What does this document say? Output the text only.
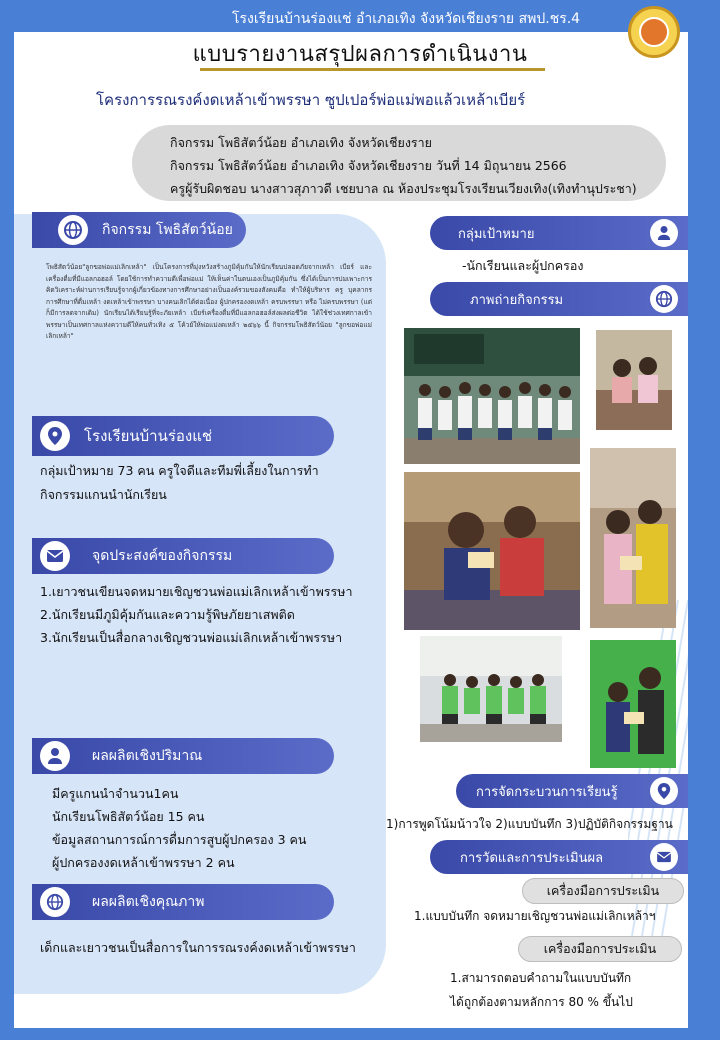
โรงเรียนบ้านร่องแช่ อำเภอเทิง จังหวัดเชียงราย สพป.ชร.4
แบบรายงานสรุปผลการดำเนินงาน
โครงการรณรงค์งดเหล้าเข้าพรรษา ซูปเปอร์พ่อแม่พอแล้วเหล้าเบียร์
กิจกรรม โพธิสัตว์น้อย อำเภอเทิง จังหวัดเชียงราย
กิจกรรม โพธิสัตว์น้อย อำเภอเทิง จังหวัดเชียงราย วันที่ 14 มิถุนายน 2566
ครูผู้รับผิดชอบ นางสาวสุภาวดี เชยบาล ณ ห้องประชุมโรงเรียนเวียงเทิง(เทิงทำนุประชา)
กิจกรรม โพธิสัตว์น้อย
โพธิสัตว์น้อย"ลูกขอพ่อแม่เลิกเหล้า" เป็นโครงการที่มุ่งหวังสร้างภูมิคุ้มกันให้นักเรียนปลอดภัยจากเหล้า เบียร์ และเครื่องดื่มที่มีแอลกอฮอล์ โดยใช้การทำความดีเพื่อพ่อแม่ ให้เห็นค่าในตนเองเป็นภูมิคุ้มกัน ซึ่งได้เป็นการบ่มเพาะการคิดวิเคราะห์ผ่านการเรียนรู้จากผู้เกี่ยวข้องทางการศึกษาอย่างเป็นองค์รวมของสังคมคือ ทำให้ผู้บริหาร ครู บุคลากรการศึกษาที่ดื่มเหล้า งดเหล้าเข้าพรรษา บางคนเลิกได้ต่อเนื่อง ผู้ปกครองงดเหล้า ครบพรรษา หรือ ไม่ครบพรรษา (แต่ก็มีการลดจากเดิม) นักเรียนได้เรียนรู้ที่จะภัยเหล้า เบียร์เครื่องดื่มที่มีแอลกอฮอล์ส่งผลต่อชีวิต ได้ใช้ช่วงเทศกาลเข้าพรรษาเป็นเทศกาลแห่งความดีให้คนทั่วเทิง ๕ โค้วย์ให้พ่อแม่งดเหล้า ๒๕๖๖ นี้ กิจกรรมโพธิสัตว์น้อย "ลูกขอพ่อแม่เลิกเหล้า"
โรงเรียนบ้านร่องแช่
กลุ่มเป้าหมาย 73 คน ครูใจดีและทีมพี่เลี้ยงในการทำ
กิจกรรมแกนนำนักเรียน
จุดประสงค์ของกิจกรรม
1.เยาวชนเขียนจดหมายเชิญชวนพ่อแม่เลิกเหล้าเข้าพรรษา
2.นักเรียนมีภูมิคุ้มกันและความรู้พิษภัยยาเสพติด
3.นักเรียนเป็นสื่อกลางเชิญชวนพ่อแม่เลิกเหล้าเข้าพรรษา
ผลผลิตเชิงปริมาณ
มีครูแกนนำจำนวน1คน
นักเรียนโพธิสัตว์น้อย 15 คน
ข้อมูลสถานการณ์การดื่มการสูบผู้ปกครอง 3 คน
ผู้ปกครองงดเหล้าเข้าพรรษา 2 คน
ผลผลิตเชิงคุณภาพ
เด็กและเยาวชนเป็นสื่อการในการรณรงค์งดเหล้าเข้าพรรษา
กลุ่มเป้าหมาย
-นักเรียนและผู้ปกครอง
ภาพถ่ายกิจกรรม
การจัดกระบวนการเรียนรู้
1)การพูดโน้มน้าวใจ 2)แบบบันทึก 3)ปฏิบัติกิจกรรมฐาน
การวัดและการประเมินผล
เครื่องมือการประเมิน
1.แบบบันทึก จดหมายเชิญชวนพ่อแม่เลิกเหล้าฯ
เครื่องมือการประเมิน
1.สามารถตอบคำถามในแบบบันทึก
ได้ถูกต้องตามหลักการ 80 % ขึ้นไป
